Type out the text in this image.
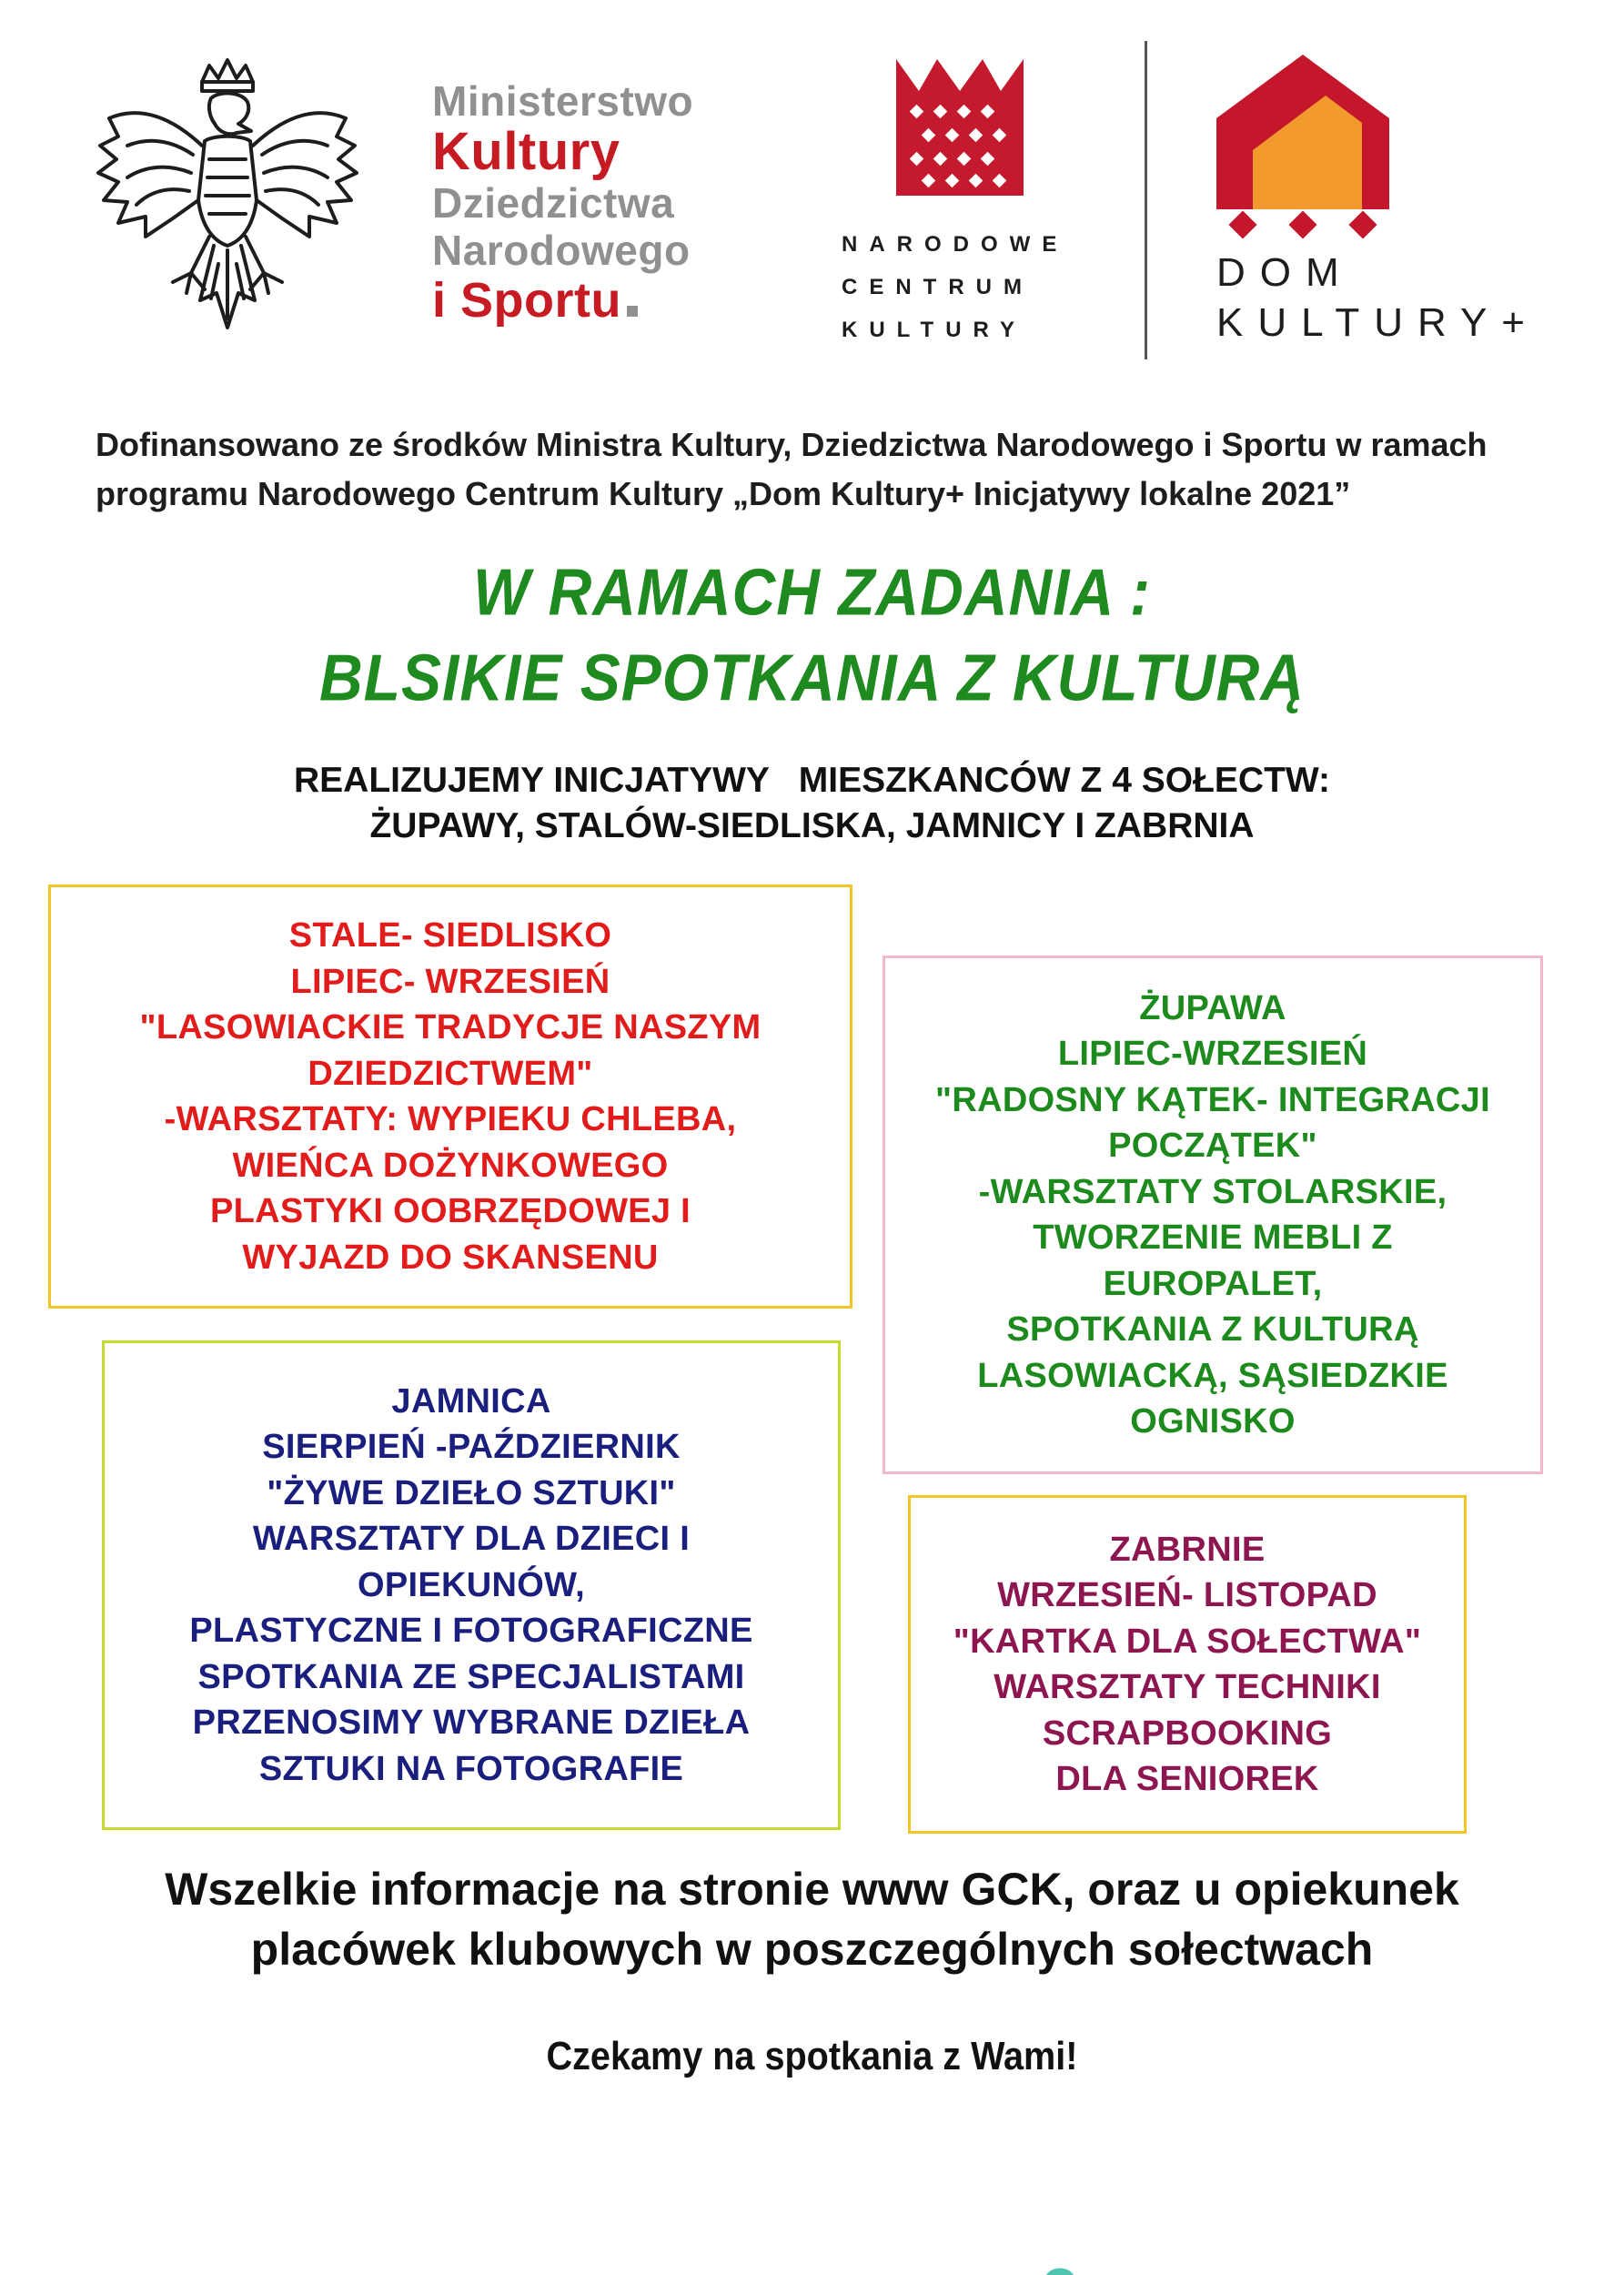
Ministerstwo
Kultury
Dziedzictwa
Narodowego
i Sportu
NARODOWE
CENTRUM
KULTURY
DOM
KULTURY+
Dofinansowano ze środków Ministra Kultury, Dziedzictwa Narodowego i Sportu w ramach
programu Narodowego Centrum Kultury „Dom Kultury+ Inicjatywy lokalne 2021”
W RAMACH ZADANIA :
BLSIKIE SPOTKANIA Z KULTURĄ
REALIZUJEMY INICJATYWY   MIESZKANCÓW Z 4 SOŁECTW:
ŻUPAWY, STALÓW-SIEDLISKA, JAMNICY I ZABRNIA
STALE- SIEDLISKO
LIPIEC- WRZESIEŃ
"LASOWIACKIE TRADYCJE NASZYM
DZIEDZICTWEM"
-WARSZTATY: WYPIEKU CHLEBA,
WIEŃCA DOŻYNKOWEGO
PLASTYKI OOBRZĘDOWEJ I
WYJAZD DO SKANSENU
ŻUPAWA
LIPIEC-WRZESIEŃ
"RADOSNY KĄTEK- INTEGRACJI
POCZĄTEK"
-WARSZTATY STOLARSKIE,
TWORZENIE MEBLI Z
EUROPALET,
SPOTKANIA Z KULTURĄ
LASOWIACKĄ, SĄSIEDZKIE
OGNISKO
JAMNICA
SIERPIEŃ -PAŹDZIERNIK
"ŻYWE DZIEŁO SZTUKI"
WARSZTATY DLA DZIECI I
OPIEKUNÓW,
PLASTYCZNE I FOTOGRAFICZNE
SPOTKANIA ZE SPECJALISTAMI
PRZENOSIMY WYBRANE DZIEŁA
SZTUKI NA FOTOGRAFIE
ZABRNIE
WRZESIEŃ- LISTOPAD
"KARTKA DLA SOŁECTWA"
WARSZTATY TECHNIKI
SCRAPBOOKING
DLA SENIOREK
Wszelkie informacje na stronie www GCK, oraz u opiekunek
placówek klubowych w poszczególnych sołectwach
Czekamy na spotkania z Wami!
